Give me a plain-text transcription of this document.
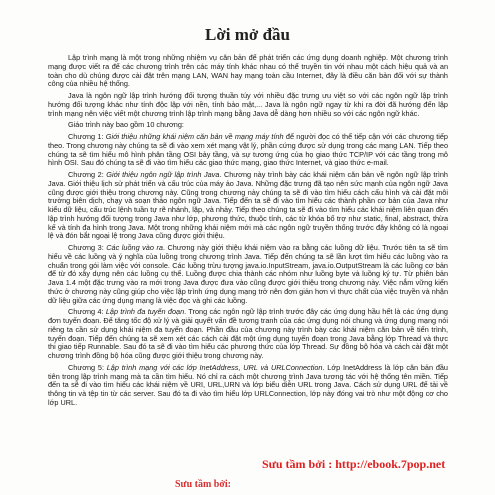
Lời mở đầu

Lập trình mạng là một trong những nhiệm vụ căn bản để phát triển các ứng dụng doanh nghiệp. Một chương trình mạng được viết ra để các chương trình trên các máy tính khác nhau có thể truyền tin với nhau một cách hiệu quả và an toàn cho dù chúng được cài đặt trên mạng LAN, WAN hay mạng toàn cầu Internet, đây là điều căn bản đối với sự thành công của nhiều hệ thống.

Java là ngôn ngữ lập trình hướng đối tượng thuần túy với nhiều đặc trưng ưu việt so với các ngôn ngữ lập trình hướng đối tượng khác như tính độc lập với nền, tính bảo mật,... Java là ngôn ngữ ngay từ khi ra đời đã hướng đến lập trình mạng nên việc viết một chương trình lập trình mạng bằng Java dễ dàng hơn nhiều so với các ngôn ngữ khác.

Giáo trình này bao gồm 10 chương:

Chương 1: Giới thiệu những khái niệm căn bản về mạng máy tính để người đọc có thể tiếp cận với các chương tiếp theo. Trong chương này chúng ta sẽ đi vào xem xét mạng vật lý, phần cứng được sử dụng trong các mạng LAN. Tiếp theo chúng ta sẽ tìm hiểu mô hình phân tầng OSI bảy tầng, và sự tương ứng của họ giao thức TCP/IP với các tầng trong mô hình OSI. Sau đó chúng ta sẽ đi vào tìm hiểu các giao thức mạng, giao thức Internet, và giao thức e-mail.

Chương 2: Giới thiệu ngôn ngữ lập trình Java. Chương này trình bày các khái niệm căn bản về ngôn ngữ lập trình Java. Giới thiệu lịch sử phát triển và cấu trúc của máy ảo Java. Những đặc trưng đã tạo nên sức mạnh của ngôn ngữ Java cũng được giới thiệu trong chương này. Cũng trong chương này chúng ta sẽ đi vào tìm hiểu cách cấu hình và cài đặt môi trường biên dịch, chạy và soạn thảo ngôn ngữ Java. Tiếp đến ta sẽ đi vào tìm hiểu các thành phần cơ bản của Java như kiểu dữ liệu, cấu trúc lệnh tuần tự rẽ nhánh, lặp, và nhảy. Tiếp theo chúng ta sẽ đi vào tìm hiểu các khái niệm liên quan đến lập trình hướng đối tượng trong Java như lớp, phương thức, thuộc tính, các từ khóa bổ trợ như static, final, abstract, thừa kế và tính đa hình trong Java. Một trong những khái niệm mới mà các ngôn ngữ truyền thống trước đây không có là ngoại lệ và đón bắt ngoại lệ trong Java cũng được giới thiệu.

Chương 3: Các luồng vào ra. Chương này giới thiệu khái niệm vào ra bằng các luồng dữ liệu. Trước tiên ta sẽ tìm hiểu về các luồng và ý nghĩa của luồng trong chương trình Java. Tiếp đến chúng ta sẽ lần lượt tìm hiểu các luồng vào ra chuẩn trong gói làm việc với console. Các luồng trừu tượng java.io.InputStream, java.io.OutputStream là các luồng cơ bản để từ đó xây dựng nên các luồng cụ thể. Luồng được chia thành các nhóm như luồng byte và luồng ký tự. Từ phiên bản Java 1.4 một đặc trưng vào ra mới trong Java được đưa vào cũng được giới thiệu trong chương này. Việc nắm vững kiến thức ở chương này cũng giúp cho việc lập trình ứng dụng mạng trở nên đơn giản hơn vì thực chất của việc truyền và nhận dữ liệu giữa các ứng dụng mạng là việc đọc và ghi các luồng.

Chương 4: Lập trình đa tuyến đoạn. Trong các ngôn ngữ lập trình trước đây các ứng dụng hầu hết là các ứng dụng đơn tuyến đoạn. Để tăng tốc độ xử lý và giải quyết vấn đề tương tranh của các ứng dụng nói chung và ứng dụng mạng nói riêng ta cần sử dụng khái niệm đa tuyến đoạn. Phần đầu của chương này trình bày các khái niệm căn bản về tiến trình, tuyến đoạn. Tiếp đến chúng ta sẽ xem xét các cách cài đặt một ứng dụng tuyến đoạn trong Java bằng lớp Thread và thực thi giao tiếp Runnable. Sau đó ta sẽ đi vào tìm hiểu các phương thức của lớp Thread. Sự đồng bộ hóa và cách cài đặt một chương trình đồng bộ hóa cũng được giới thiệu trong chương này.

Chương 5: Lập trình mạng với các lớp InetAddress, URL và URLConnection. Lớp InetAddress là lớp căn bản đầu tiên trong lập trình mạng mà ta cần tìm hiểu. Nó chỉ ra cách một chương trình Java tương tác với hệ thống tên miền. Tiếp đến ta sẽ đi vào tìm hiểu các khái niệm về URI, URL,URN và lớp biểu diễn URL trong Java. Cách sử dụng URL để tải về thông tin và tệp tin từ các server. Sau đó ta đi vào tìm hiểu lớp URLConnection, lớp này đóng vai trò như một động cơ cho lớp URL.

Sưu tầm bởi : http://ebook.7pop.net
Sưu tầm bởi:
